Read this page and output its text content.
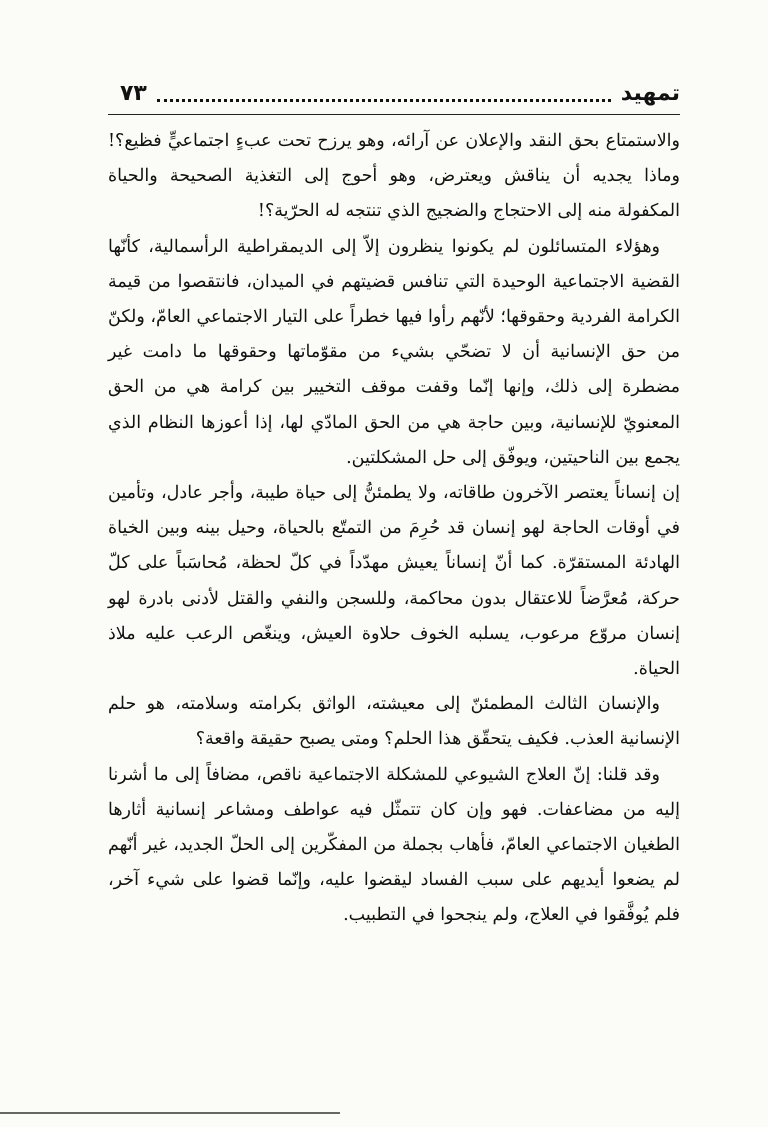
تمهيد
٧٣

والاستمتاع بحق النقد والإعلان عن آرائه، وهو يرزح تحت عبءٍ اجتماعيٍّ فظيع؟! وماذا يجديه أن يناقش ويعترض، وهو أحوج إلى التغذية الصحيحة والحياة المكفولة منه إلى الاحتجاج والضجيج الذي تنتجه له الحرّية؟!

وهؤلاء المتسائلون لم يكونوا ينظرون إلاّ إلى الديمقراطية الرأسمالية، كأنّها القضية الاجتماعية الوحيدة التي تنافس قضيتهم في الميدان، فانتقصوا من قيمة الكرامة الفردية وحقوقها؛ لأنّهم رأوا فيها خطراً على التيار الاجتماعي العامّ، ولكنّ من حق الإنسانية أن لا تضحّي بشيء من مقوّماتها وحقوقها ما دامت غير مضطرة إلى ذلك، وإنها إنّما وقفت موقف التخيير بين كرامة هي من الحق المعنويّ للإنسانية، وبين حاجة هي من الحق المادّي لها، إذا أعوزها النظام الذي يجمع بين الناحيتين، ويوفّق إلى حل المشكلتين.

إن إنساناً يعتصر الآخرون طاقاته، ولا يطمئنُّ إلى حياة طيبة، وأجر عادل، وتأمين في أوقات الحاجة لهو إنسان قد حُرِمَ من التمتّع بالحياة، وحيل بينه وبين الخياة الهادئة المستقرّة. كما أنّ إنساناً يعيش مهدّداً في كلّ لحظة، مُحاسَباً على كلّ حركة، مُعرَّضاً للاعتقال بدون محاكمة، وللسجن والنفي والقتل لأدنى بادرة لهو إنسان مروّع مرعوب، يسلبه الخوف حلاوة العيش، وينغّص الرعب عليه ملاذ الحياة.

والإنسان الثالث المطمئنّ إلى معيشته، الواثق بكرامته وسلامته، هو حلم الإنسانية العذب. فكيف يتحقّق هذا الحلم؟ ومتى يصبح حقيقة واقعة؟

وقد قلنا: إنّ العلاج الشيوعي للمشكلة الاجتماعية ناقص، مضافاً إلى ما أشرنا إليه من مضاعفات. فهو وإن كان تتمثّل فيه عواطف ومشاعر إنسانية أثارها الطغيان الاجتماعي العامّ، فأهاب بجملة من المفكّرين إلى الحلّ الجديد، غير أنّهم لم يضعوا أيديهم على سبب الفساد ليقضوا عليه، وإنّما قضوا على شيء آخر، فلم يُوفَّقوا في العلاج، ولم ينجحوا في التطبيب.
